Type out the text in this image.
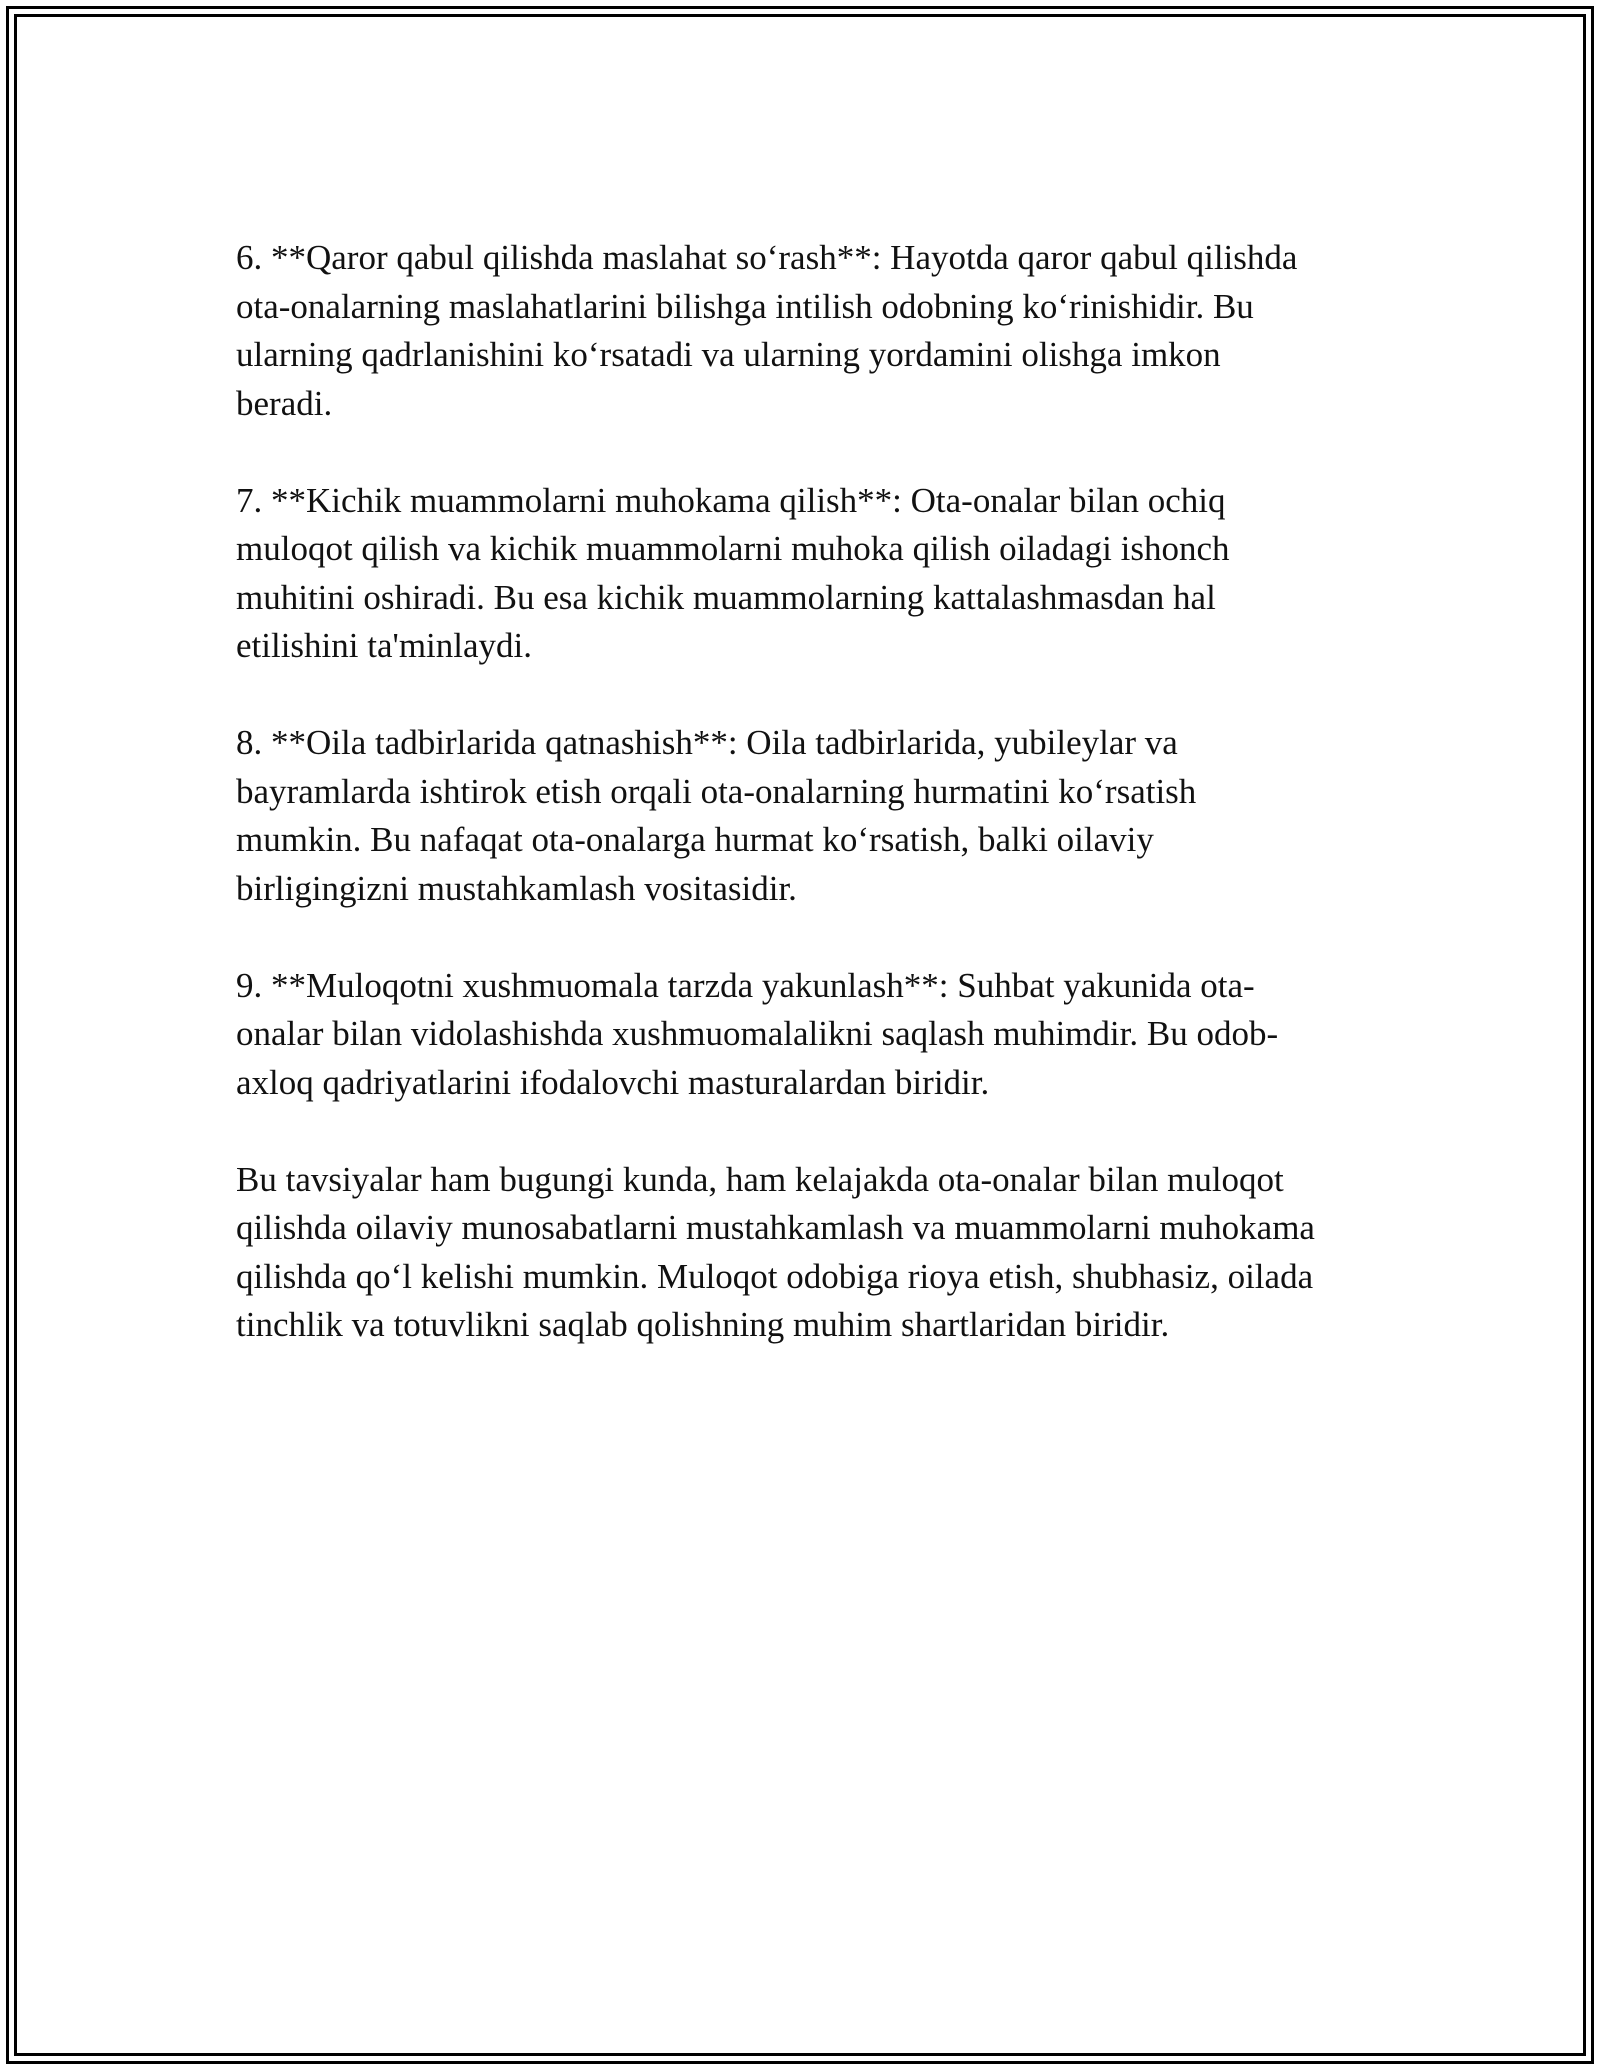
6. **Qaror qabul qilishda maslahat so‘rash**: Hayotda qaror qabul qilishda
ota-onalarning maslahatlarini bilishga intilish odobning ko‘rinishidir. Bu
ularning qadrlanishini ko‘rsatadi va ularning yordamini olishga imkon
beradi.

7. **Kichik muammolarni muhokama qilish**: Ota-onalar bilan ochiq
muloqot qilish va kichik muammolarni muhoka qilish oiladagi ishonch
muhitini oshiradi. Bu esa kichik muammolarning kattalashmasdan hal
etilishini ta'minlaydi.

8. **Oila tadbirlarida qatnashish**: Oila tadbirlarida, yubileylar va
bayramlarda ishtirok etish orqali ota-onalarning hurmatini ko‘rsatish
mumkin. Bu nafaqat ota-onalarga hurmat ko‘rsatish, balki oilaviy
birligingizni mustahkamlash vositasidir.

9. **Muloqotni xushmuomala tarzda yakunlash**: Suhbat yakunida ota-
onalar bilan vidolashishda xushmuomalalikni saqlash muhimdir. Bu odob-
axloq qadriyatlarini ifodalovchi masturalardan biridir.

Bu tavsiyalar ham bugungi kunda, ham kelajakda ota-onalar bilan muloqot
qilishda oilaviy munosabatlarni mustahkamlash va muammolarni muhokama
qilishda qo‘l kelishi mumkin. Muloqot odobiga rioya etish, shubhasiz, oilada
tinchlik va totuvlikni saqlab qolishning muhim shartlaridan biridir.
